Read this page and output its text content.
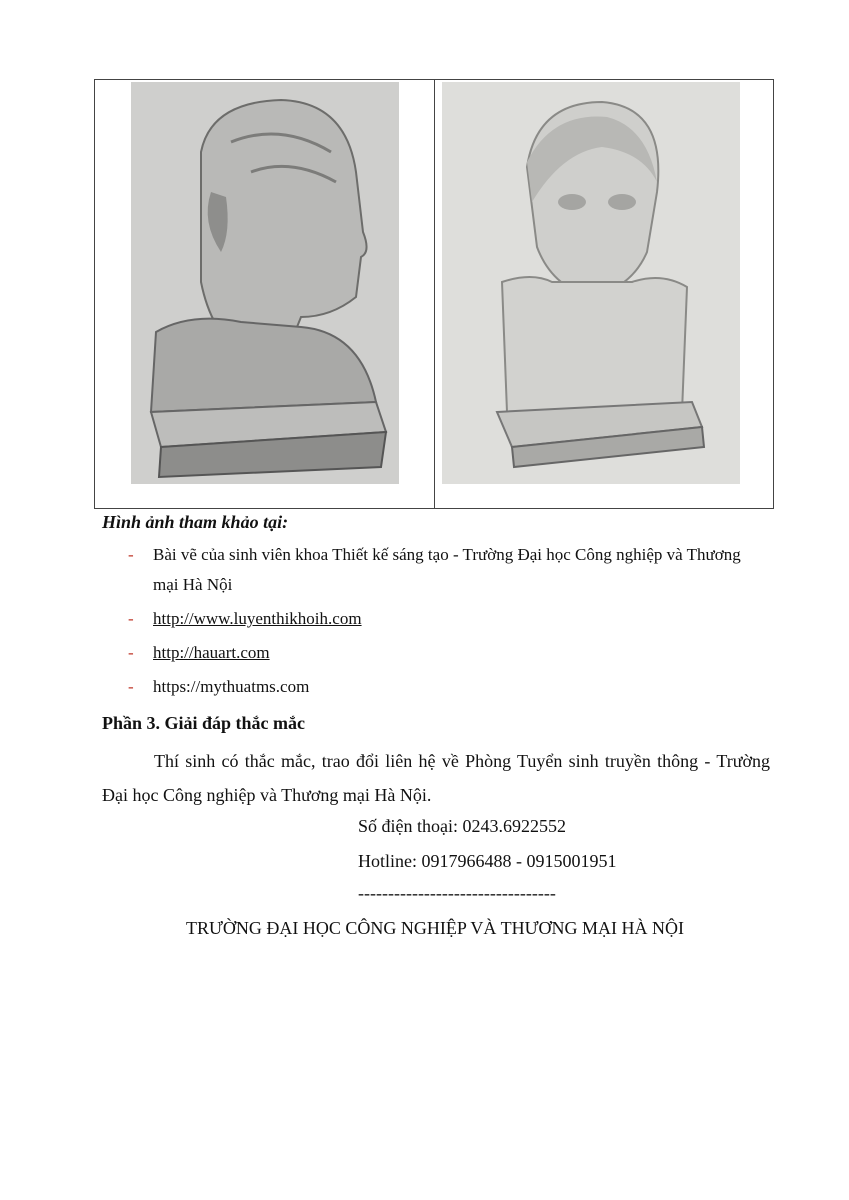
Hình ảnh tham khảo tại:
- Bài vẽ của sinh viên khoa Thiết kế sáng tạo - Trường Đại học Công nghiệp và Thương mại Hà Nội
- http://www.luyenthikhoih.com
- http://hauart.com
- https://mythuatms.com
Phần 3. Giải đáp thắc mắc
Thí sinh có thắc mắc, trao đổi liên hệ về Phòng Tuyển sinh truyền thông - Trường Đại học Công nghiệp và Thương mại Hà Nội.
Số điện thoại: 0243.6922552
Hotline: 0917966488 - 0915001951
---------------------------------
TRƯỜNG ĐẠI HỌC CÔNG NGHIỆP VÀ THƯƠNG MẠI HÀ NỘI
